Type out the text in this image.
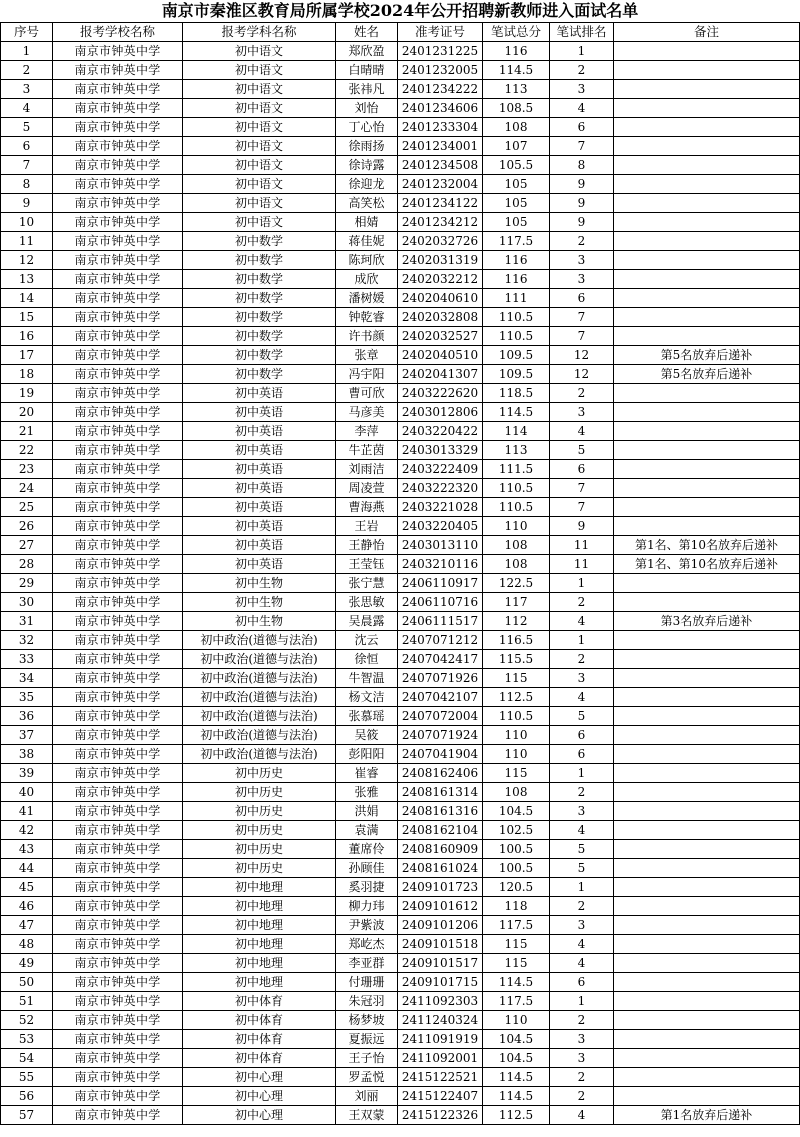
南京市秦淮区教育局所属学校2024年公开招聘新教师进入面试名单
序号	报考学校名称	报考学科名称	姓名	准考证号	笔试总分	笔试排名	备注
1	南京市钟英中学	初中语文	郑欣盈	2401231225	116	1	
2	南京市钟英中学	初中语文	白晴晴	2401232005	114.5	2	
3	南京市钟英中学	初中语文	张祎凡	2401234222	113	3	
4	南京市钟英中学	初中语文	刘怡	2401234606	108.5	4	
5	南京市钟英中学	初中语文	丁心怡	2401233304	108	6	
6	南京市钟英中学	初中语文	徐雨扬	2401234001	107	7	
7	南京市钟英中学	初中语文	徐诗露	2401234508	105.5	8	
8	南京市钟英中学	初中语文	徐迎龙	2401232004	105	9	
9	南京市钟英中学	初中语文	高笑松	2401234122	105	9	
10	南京市钟英中学	初中语文	相婧	2401234212	105	9	
11	南京市钟英中学	初中数学	蒋佳妮	2402032726	117.5	2	
12	南京市钟英中学	初中数学	陈珂欣	2402031319	116	3	
13	南京市钟英中学	初中数学	成欣	2402032212	116	3	
14	南京市钟英中学	初中数学	潘树媛	2402040610	111	6	
15	南京市钟英中学	初中数学	钟乾睿	2402032808	110.5	7	
16	南京市钟英中学	初中数学	许书颜	2402032527	110.5	7	
17	南京市钟英中学	初中数学	张章	2402040510	109.5	12	第5名放弃后递补
18	南京市钟英中学	初中数学	冯宇阳	2402041307	109.5	12	第5名放弃后递补
19	南京市钟英中学	初中英语	曹可欣	2403222620	118.5	2	
20	南京市钟英中学	初中英语	马彦美	2403012806	114.5	3	
21	南京市钟英中学	初中英语	李萍	2403220422	114	4	
22	南京市钟英中学	初中英语	牛芷茵	2403013329	113	5	
23	南京市钟英中学	初中英语	刘雨洁	2403222409	111.5	6	
24	南京市钟英中学	初中英语	周凌萱	2403222320	110.5	7	
25	南京市钟英中学	初中英语	曹海燕	2403221028	110.5	7	
26	南京市钟英中学	初中英语	王岩	2403220405	110	9	
27	南京市钟英中学	初中英语	王静怡	2403013110	108	11	第1名、第10名放弃后递补
28	南京市钟英中学	初中英语	王莹钰	2403210116	108	11	第1名、第10名放弃后递补
29	南京市钟英中学	初中生物	张宁慧	2406110917	122.5	1	
30	南京市钟英中学	初中生物	张思敏	2406110716	117	2	
31	南京市钟英中学	初中生物	吴晨露	2406111517	112	4	第3名放弃后递补
32	南京市钟英中学	初中政治(道德与法治)	沈云	2407071212	116.5	1	
33	南京市钟英中学	初中政治(道德与法治)	徐恒	2407042417	115.5	2	
34	南京市钟英中学	初中政治(道德与法治)	牛智温	2407071926	115	3	
35	南京市钟英中学	初中政治(道德与法治)	杨文洁	2407042107	112.5	4	
36	南京市钟英中学	初中政治(道德与法治)	张慕瑶	2407072004	110.5	5	
37	南京市钟英中学	初中政治(道德与法治)	吴筱	2407071924	110	6	
38	南京市钟英中学	初中政治(道德与法治)	彭阳阳	2407041904	110	6	
39	南京市钟英中学	初中历史	崔睿	2408162406	115	1	
40	南京市钟英中学	初中历史	张雅	2408161314	108	2	
41	南京市钟英中学	初中历史	洪娟	2408161316	104.5	3	
42	南京市钟英中学	初中历史	袁满	2408162104	102.5	4	
43	南京市钟英中学	初中历史	董席伶	2408160909	100.5	5	
44	南京市钟英中学	初中历史	孙顾佳	2408161024	100.5	5	
45	南京市钟英中学	初中地理	奚羽捷	2409101723	120.5	1	
46	南京市钟英中学	初中地理	柳力玮	2409101612	118	2	
47	南京市钟英中学	初中地理	尹紫波	2409101206	117.5	3	
48	南京市钟英中学	初中地理	郑屹杰	2409101518	115	4	
49	南京市钟英中学	初中地理	李亚群	2409101517	115	4	
50	南京市钟英中学	初中地理	付珊珊	2409101715	114.5	6	
51	南京市钟英中学	初中体育	朱冠羽	2411092303	117.5	1	
52	南京市钟英中学	初中体育	杨梦坡	2411240324	110	2	
53	南京市钟英中学	初中体育	夏振远	2411091919	104.5	3	
54	南京市钟英中学	初中体育	王子怡	2411092001	104.5	3	
55	南京市钟英中学	初中心理	罗孟悦	2415122521	114.5	2	
56	南京市钟英中学	初中心理	刘丽	2415122407	114.5	2	
57	南京市钟英中学	初中心理	王双蒙	2415122326	112.5	4	第1名放弃后递补
